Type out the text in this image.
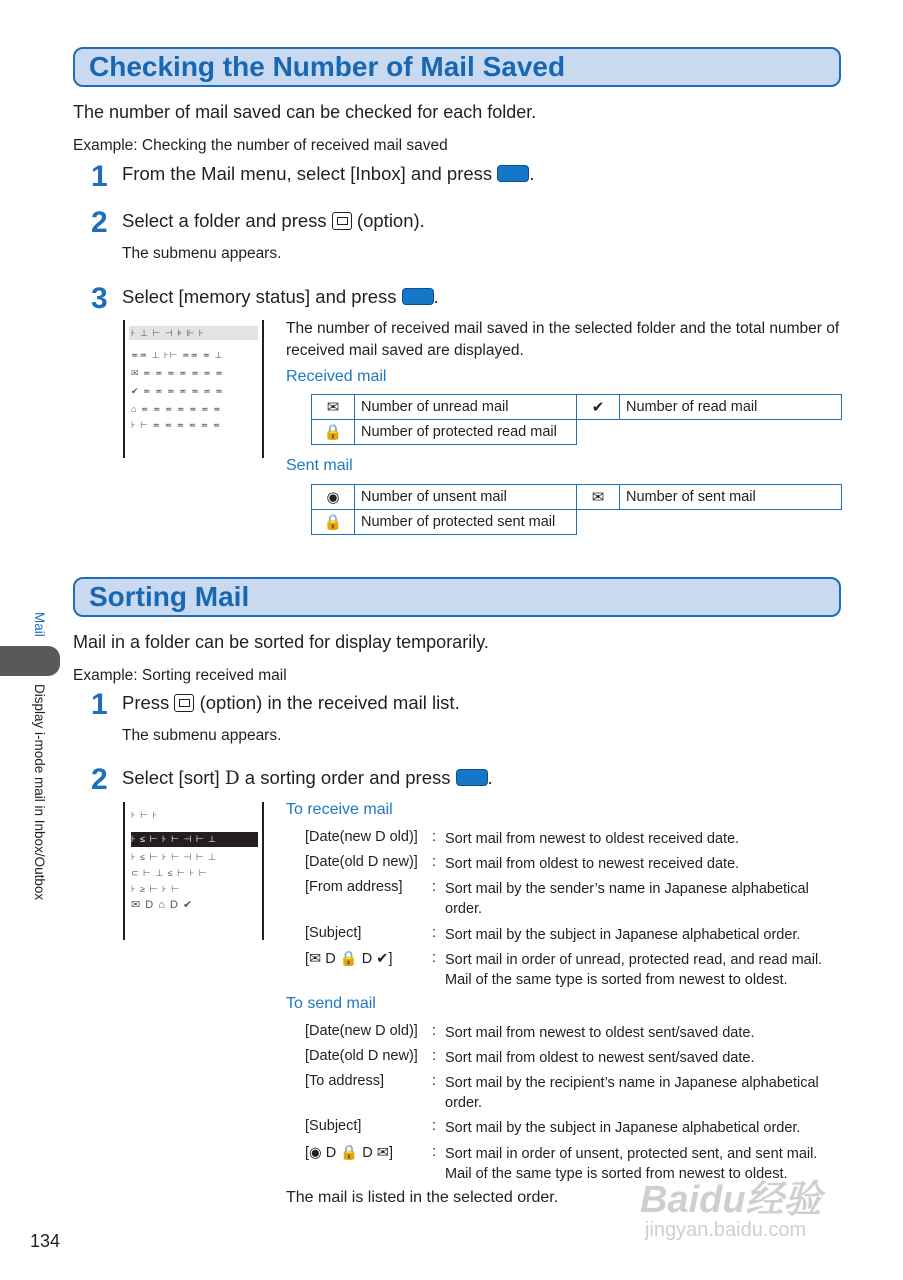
Checking the Number of Mail Saved
The number of mail saved can be checked for each folder.
Example: Checking the number of received mail saved
1 From the Mail menu, select [Inbox] and press .
2 Select a folder and press  (option).
The submenu appears.
3 Select [memory status] and press .
⊦ ⊥ ⊢ ⊣ ⊧ ⊩ ⊦
≖≖ ⊥ ⊦⊢ ≖≖ ≖ ⊥
✉ ≖ ≖ ≖ ≖ ≖ ≖ ≖
✔ ≖ ≖ ≖ ≖ ≖ ≖ ≖
⌂ ≖ ≖ ≖ ≖ ≖ ≖ ≖
⊦ ⊢ ≖ ≖ ≖ ≖ ≖ ≖
The number of received mail saved in the selected folder and the total number of received mail saved are displayed.
Received mail
✉	Number of unread mail	✔	Number of read mail
🔒	Number of protected read mail		
Sent mail
◉	Number of unsent mail	✉	Number of sent mail
🔒	Number of protected sent mail		
Sorting Mail
Mail in a folder can be sorted for display temporarily.
Example: Sorting received mail
1 Press  (option) in the received mail list.
The submenu appears.
2 Select [sort] D a sorting order and press .
⊦ ⊢ ⊦
⊦ ≤ ⊢ ⊦ ⊢ ⊣ ⊢ ⊥
⊦ ≤ ⊢ ⊦ ⊢ ⊣ ⊢ ⊥
⊂ ⊢ ⊥ ≤ ⊢ ⊦ ⊢
⊦ ≥ ⊢ ⊦ ⊢
✉ D ⌂ D ✔
To receive mail
[Date(new D old)] : Sort mail from newest to oldest received date.
[Date(old D new)] : Sort mail from oldest to newest received date.
[From address] : Sort mail by the sender’s name in Japanese alphabetical order.
[Subject]	: Sort mail by the subject in Japanese alphabetical order.
[✉ D 🔒 D ✔]	: Sort mail in order of unread, protected read, and read mail. Mail of the same type is sorted from newest to oldest.
To send mail
[Date(new D old)] : Sort mail from newest to oldest sent/saved date.
[Date(old D new)] : Sort mail from oldest to newest sent/saved date.
[To address]	: Sort mail by the recipient’s name in Japanese alphabetical order.
[Subject]	: Sort mail by the subject in Japanese alphabetical order.
[◉ D 🔒 D ✉]	: Sort mail in order of unsent, protected sent, and sent mail. Mail of the same type is sorted from newest to oldest.
The mail is listed in the selected order.
Mail
Display i-mode mail in Inbox/Outbox
134
Baidu经验
jingyan.baidu.com
